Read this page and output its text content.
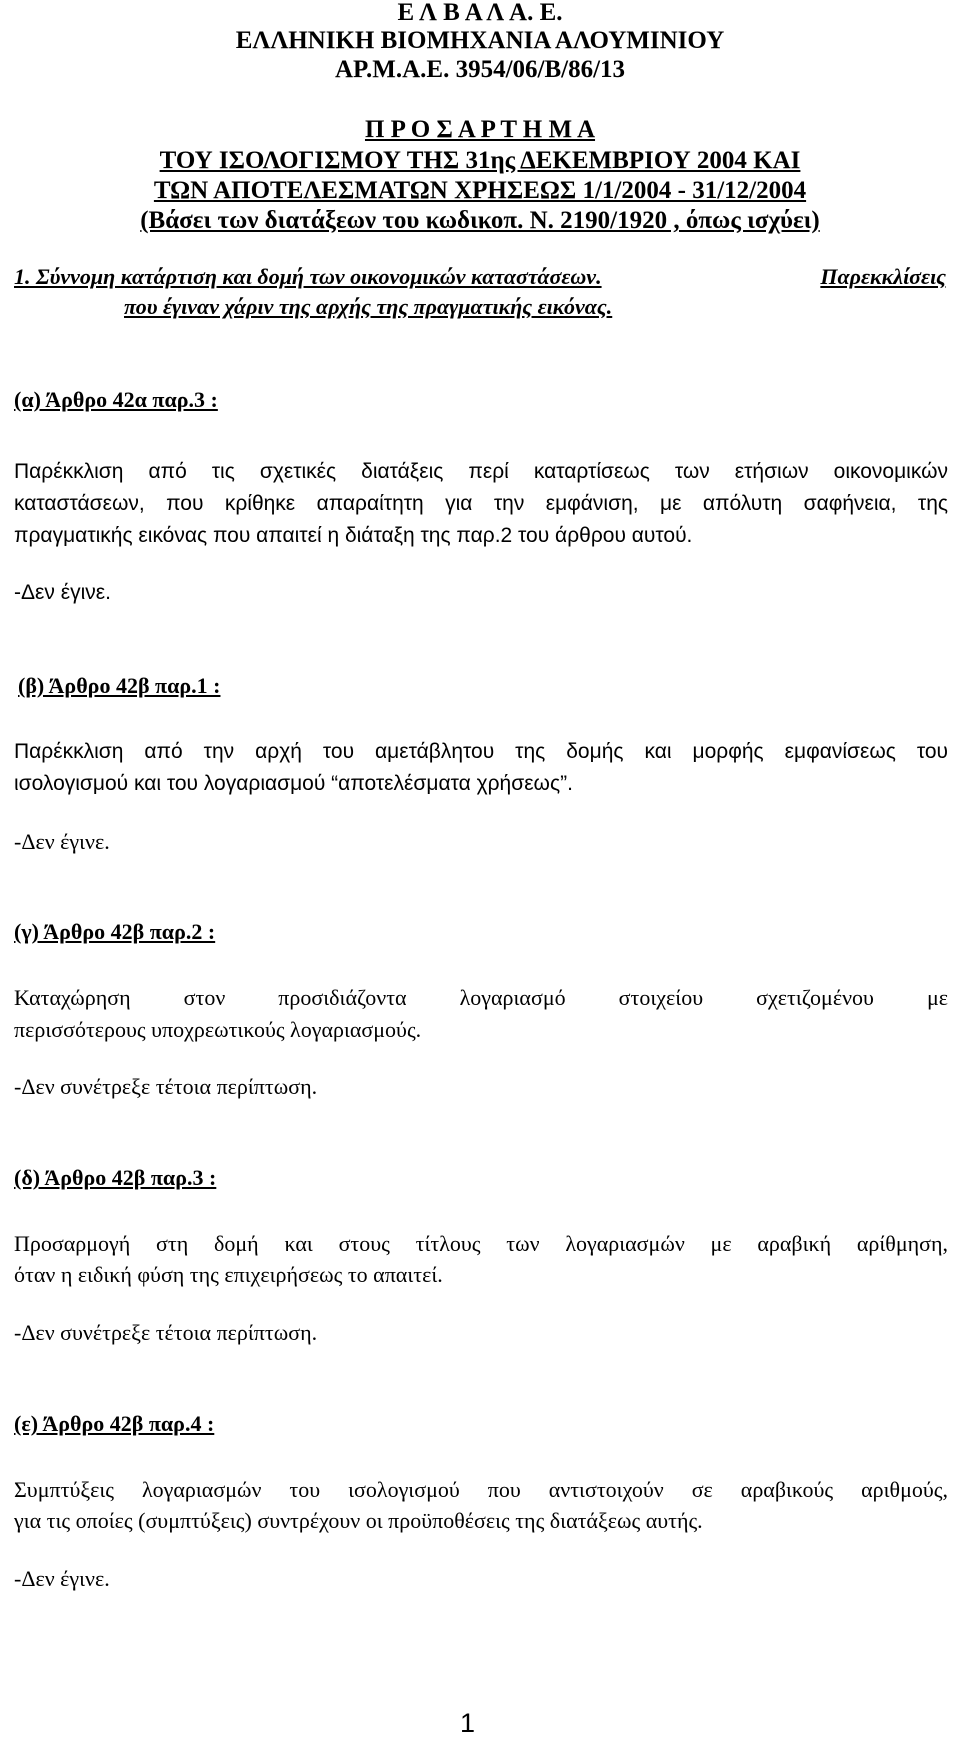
Ε Λ Β Α Λ Α. Ε.
ΕΛΛΗΝΙΚΗ ΒΙΟΜΗΧΑΝΙΑ ΑΛΟΥΜΙΝΙΟΥ
ΑΡ.Μ.Α.Ε. 3954/06/Β/86/13
Π Ρ Ο Σ Α Ρ Τ Η Μ Α
ΤΟΥ ΙΣΟΛΟΓΙΣΜΟΥ ΤΗΣ 31ης ΔΕΚΕΜΒΡΙΟΥ 2004 ΚΑΙ
ΤΩΝ ΑΠΟΤΕΛΕΣΜΑΤΩΝ ΧΡΗΣΕΩΣ 1/1/2004 - 31/12/2004
(Βάσει των διατάξεων του κωδικοπ. Ν. 2190/1920 , όπως ισχύει)
1. Σύννομη κατάρτιση και δομή των οικονομικών καταστάσεων.	Παρεκκλίσεις
που έγιναν χάριν της αρχής της πραγματικής εικόνας.
(α) Άρθρο 42α παρ.3 :
Παρέκκλιση από τις σχετικές διατάξεις περί καταρτίσεως των ετήσιων οικονομικών
καταστάσεων, που κρίθηκε απαραίτητη για την εμφάνιση, με απόλυτη σαφήνεια, της
πραγματικής εικόνας που απαιτεί η διάταξη της παρ.2 του άρθρου αυτού.
-Δεν έγινε.
(β) Άρθρο 42β παρ.1 :
Παρέκκλιση από την αρχή του αμετάβλητου της δομής και μορφής εμφανίσεως του
ισολογισμού και του λογαριασμού “αποτελέσματα χρήσεως”.
-Δεν έγινε.
(γ) Άρθρο 42β παρ.2 :
Καταχώρηση στον προσιδιάζοντα λογαριασμό στοιχείου σχετιζομένου με
περισσότερους υποχρεωτικούς λογαριασμούς.
-Δεν συνέτρεξε τέτοια περίπτωση.
(δ) Άρθρο 42β παρ.3 :
Προσαρμογή στη δομή και στους τίτλους των λογαριασμών με αραβική αρίθμηση,
όταν η ειδική φύση της επιχειρήσεως το απαιτεί.
-Δεν συνέτρεξε τέτοια περίπτωση.
(ε) Άρθρο 42β παρ.4 :
Συμπτύξεις λογαριασμών του ισολογισμού που αντιστοιχούν σε αραβικούς αριθμούς,
για τις οποίες (συμπτύξεις) συντρέχουν οι προϋποθέσεις της διατάξεως αυτής.
-Δεν έγινε.
1
